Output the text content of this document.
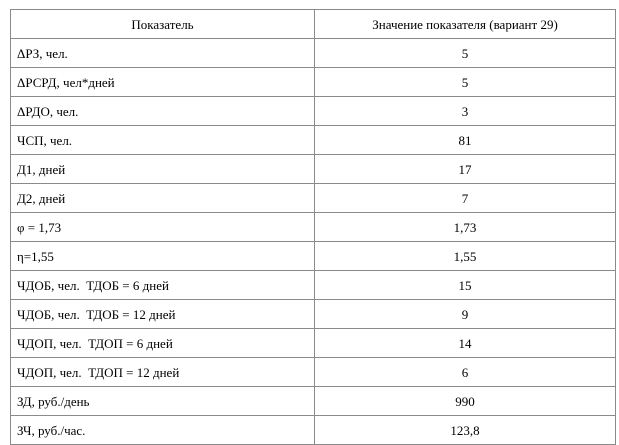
Показатель	Значение показателя (вариант 29)
ΔРЗ, чел.	5
ΔРСРД, чел*дней	5
ΔРДО, чел.	3
ЧСП, чел.	81
Д1, дней	17
Д2, дней	7
φ = 1,73	1,73
η=1,55	1,55
ЧДОБ, чел.  ТДОБ = 6 дней	15
ЧДОБ, чел.  ТДОБ = 12 дней	9
ЧДОП, чел.  ТДОП = 6 дней	14
ЧДОП, чел.  ТДОП = 12 дней	6
ЗД, руб./день	990
ЗЧ, руб./час.	123,8
